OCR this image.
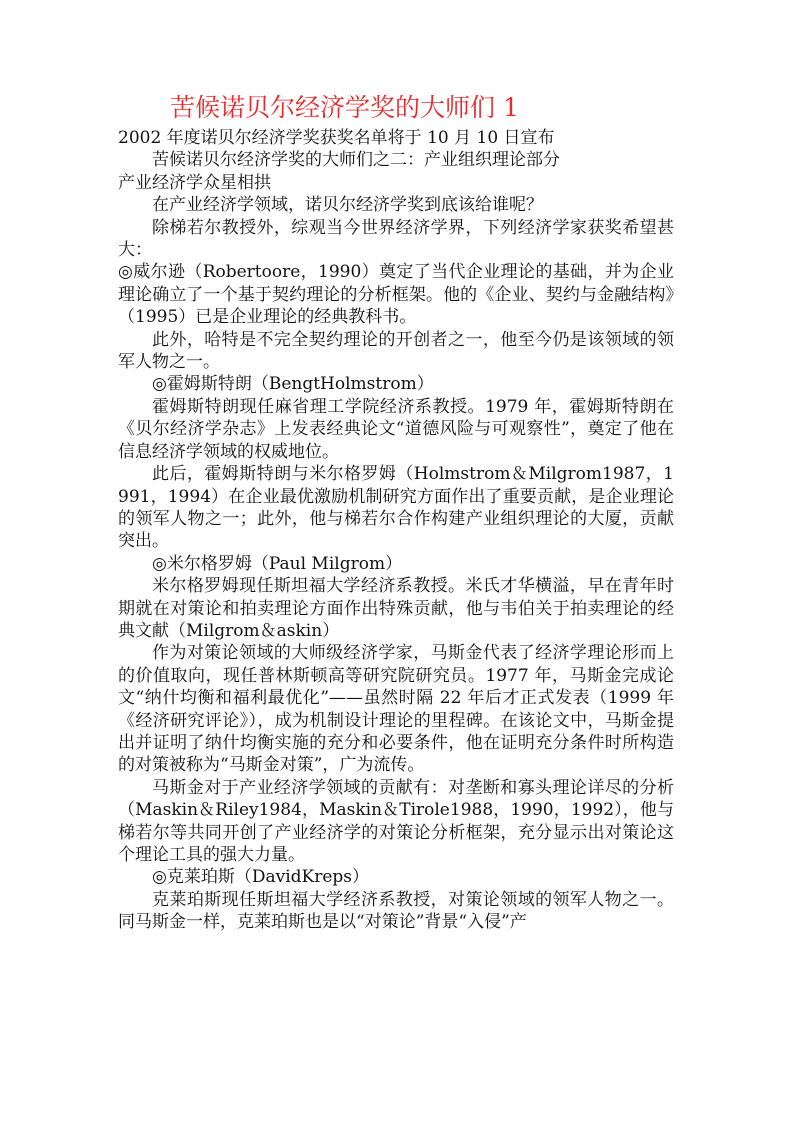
苦候诺贝尔经济学奖的大师们 1

2002 年度诺贝尔经济学奖获奖名单将于 10 月 10 日宣布

苦候诺贝尔经济学奖的大师们之二：产业组织理论部分

产业经济学众星相拱

在产业经济学领域，诺贝尔经济学奖到底该给谁呢？

除梯若尔教授外，综观当今世界经济学界，下列经济学家获奖希望甚大：

◎威尔逊（Robertoore，1990）奠定了当代企业理论的基础，并为企业理论确立了一个基于契约理论的分析框架。他的《企业、契约与金融结构》（1995）已是企业理论的经典教科书。

此外，哈特是不完全契约理论的开创者之一，他至今仍是该领域的领军人物之一。

◎霍姆斯特朗（BengtHolmstrom）

霍姆斯特朗现任麻省理工学院经济系教授。1979 年，霍姆斯特朗在《贝尔经济学杂志》上发表经典论文“道德风险与可观察性”，奠定了他在信息经济学领域的权威地位。

此后，霍姆斯特朗与米尔格罗姆（Holmstrom＆Milgrom1987，1991，1994）在企业最优激励机制研究方面作出了重要贡献，是企业理论的领军人物之一；此外，他与梯若尔合作构建产业组织理论的大厦，贡献突出。

◎米尔格罗姆（Paul Milgrom）

米尔格罗姆现任斯坦福大学经济系教授。米氏才华横溢，早在青年时期就在对策论和拍卖理论方面作出特殊贡献，他与韦伯关于拍卖理论的经典文献（Milgrom＆askin）

作为对策论领域的大师级经济学家，马斯金代表了经济学理论形而上的价值取向，现任普林斯顿高等研究院研究员。1977 年，马斯金完成论文“纳什均衡和福利最优化”——虽然时隔 22 年后才正式发表（1999 年《经济研究评论》），成为机制设计理论的里程碑。在该论文中，马斯金提出并证明了纳什均衡实施的充分和必要条件，他在证明充分条件时所构造的对策被称为“马斯金对策”，广为流传。

马斯金对于产业经济学领域的贡献有：对垄断和寡头理论详尽的分析（Maskin＆Riley1984，Maskin＆Tirole1988，1990，1992），他与梯若尔等共同开创了产业经济学的对策论分析框架，充分显示出对策论这个理论工具的强大力量。

◎克莱珀斯（DavidKreps）

克莱珀斯现任斯坦福大学经济系教授，对策论领域的领军人物之一。同马斯金一样，克莱珀斯也是以“对策论”背景“入侵”产
